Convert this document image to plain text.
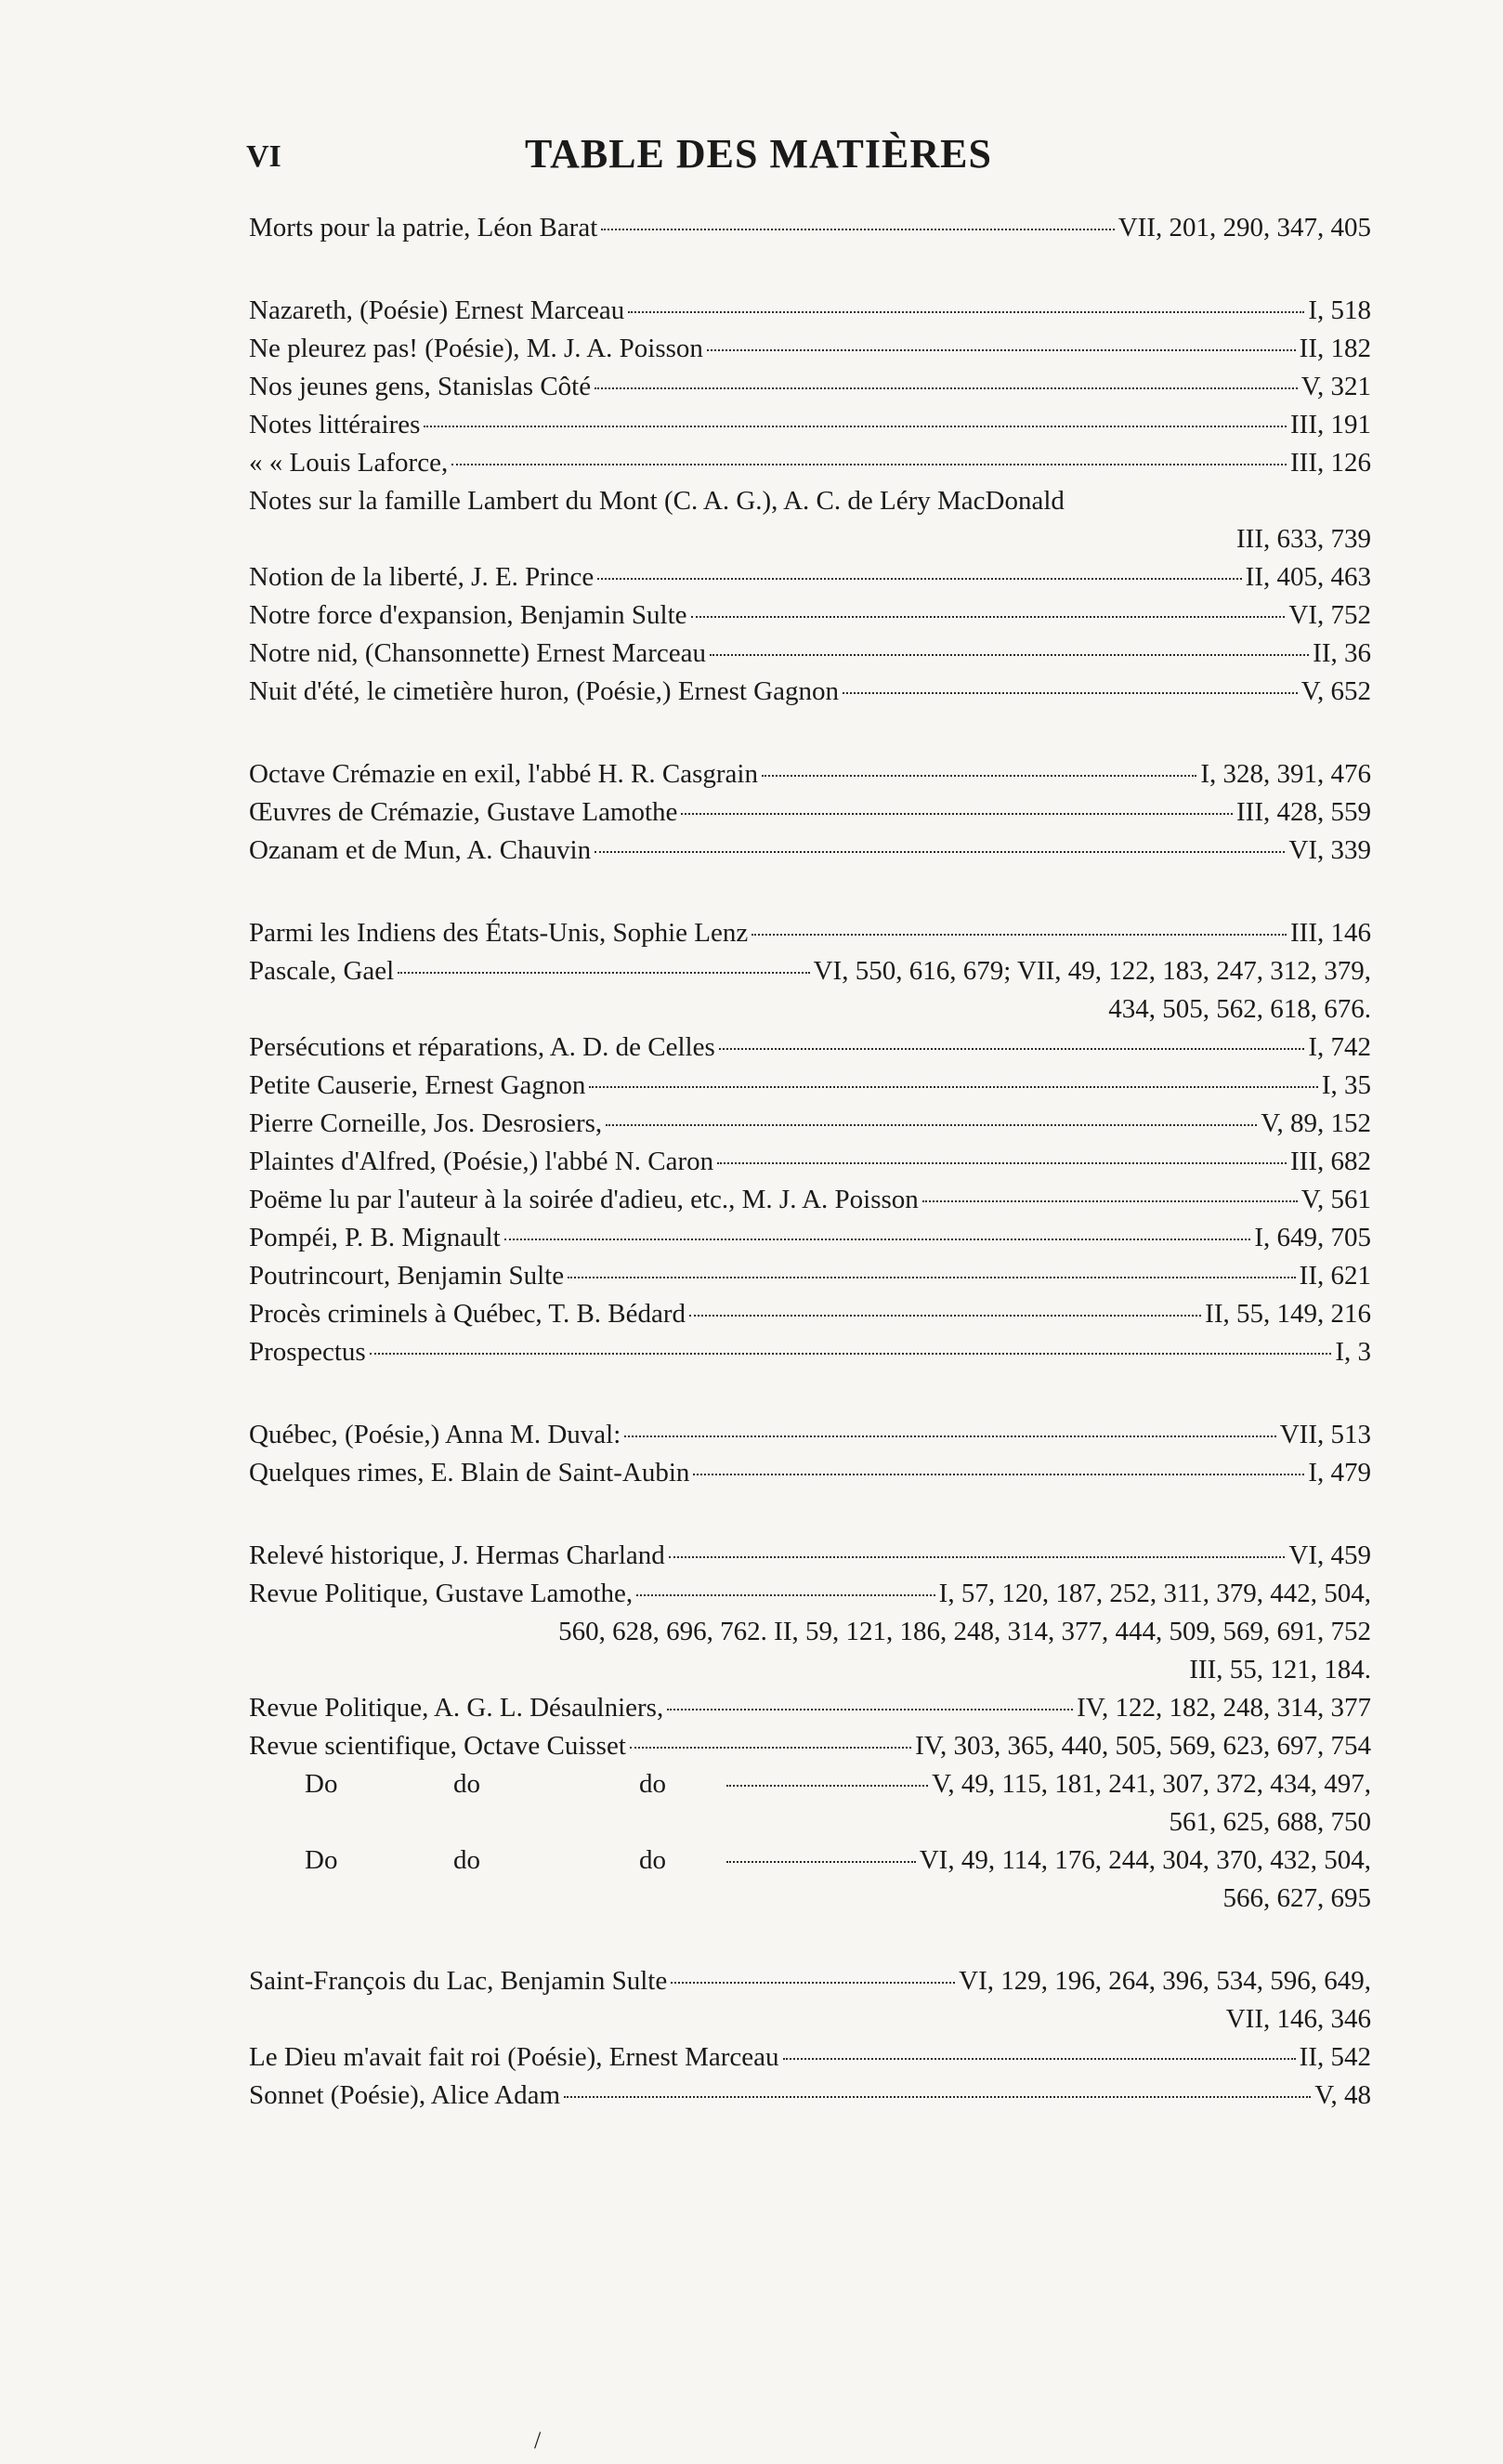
VI	TABLE DES MATIÈRES
Morts pour la patrie, Léon Barat	VII, 201, 290, 347, 405
Nazareth, (Poésie) Ernest Marceau	I, 518
Ne pleurez pas! (Poésie), M. J. A. Poisson	II, 182
Nos jeunes gens, Stanislas Côté	V, 321
Notes littéraires	III, 191
« « Louis Laforce,	III, 126
Notes sur la famille Lambert du Mont (C. A. G.), A. C. de Léry MacDonald
III, 633, 739
Notion de la liberté, J. E. Prince	II, 405, 463
Notre force d'expansion, Benjamin Sulte	VI, 752
Notre nid, (Chansonnette) Ernest Marceau	II, 36
Nuit d'été, le cimetière huron, (Poésie,) Ernest Gagnon	V, 652
Octave Crémazie en exil, l'abbé H. R. Casgrain	I, 328, 391, 476
Œuvres de Crémazie, Gustave Lamothe	III, 428, 559
Ozanam et de Mun, A. Chauvin	VI, 339
Parmi les Indiens des États-Unis, Sophie Lenz	III, 146
Pascale, Gael	VI, 550, 616, 679; VII, 49, 122, 183, 247, 312, 379,
434, 505, 562, 618, 676.
Persécutions et réparations, A. D. de Celles	I, 742
Petite Causerie, Ernest Gagnon	I, 35
Pierre Corneille, Jos. Desrosiers,	V, 89, 152
Plaintes d'Alfred, (Poésie,) l'abbé N. Caron	III, 682
Poëme lu par l'auteur à la soirée d'adieu, etc., M. J. A. Poisson	V, 561
Pompéi, P. B. Mignault	I, 649, 705
Poutrincourt, Benjamin Sulte	II, 621
Procès criminels à Québec, T. B. Bédard	II, 55, 149, 216
Prospectus	I, 3
Québec, (Poésie,) Anna M. Duval:	VII, 513
Quelques rimes, E. Blain de Saint-Aubin	I, 479
Relevé historique, J. Hermas Charland	VI, 459
Revue Politique, Gustave Lamothe,	I, 57, 120, 187, 252, 311, 379, 442, 504,
560, 628, 696, 762. II, 59, 121, 186, 248, 314, 377, 444, 509, 569, 691, 752
III, 55, 121, 184.
Revue Politique, A. G. L. Désaulniers,	IV, 122, 182, 248, 314, 377
Revue scientifique, Octave Cuisset	IV, 303, 365, 440, 505, 569, 623, 697, 754
Do	do	do	V, 49, 115, 181, 241, 307, 372, 434, 497,
561, 625, 688, 750
Do	do	do	VI, 49, 114, 176, 244, 304, 370, 432, 504,
566, 627, 695
Saint-François du Lac, Benjamin Sulte	VI, 129, 196, 264, 396, 534, 596, 649,
VII, 146, 346
Le Dieu m'avait fait roi (Poésie), Ernest Marceau	II, 542
Sonnet (Poésie), Alice Adam	V, 48
/
